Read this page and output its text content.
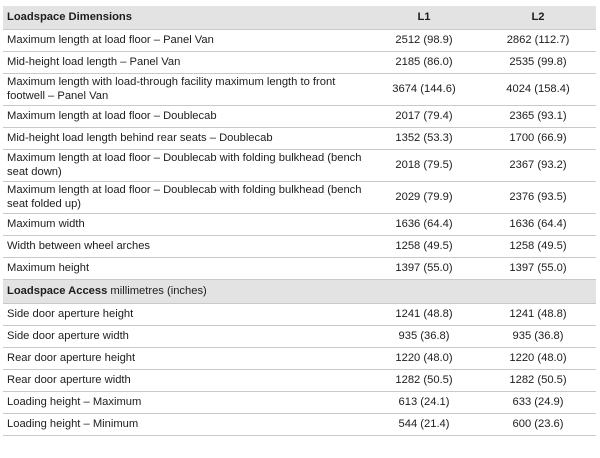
Loadspace Dimensions	L1	L2
Maximum length at load floor – Panel Van	2512 (98.9)	2862 (112.7)
Mid-height load length – Panel Van	2185 (86.0)	2535 (99.8)
Maximum length with load-through facility maximum length to front footwell – Panel Van	3674 (144.6)	4024 (158.4)
Maximum length at load floor – Doublecab	2017 (79.4)	2365 (93.1)
Mid-height load length behind rear seats – Doublecab	1352 (53.3)	1700 (66.9)
Maximum length at load floor – Doublecab with folding bulkhead (bench seat down)	2018 (79.5)	2367 (93.2)
Maximum length at load floor – Doublecab with folding bulkhead (bench seat folded up)	2029 (79.9)	2376 (93.5)
Maximum width	1636 (64.4)	1636 (64.4)
Width between wheel arches	1258 (49.5)	1258 (49.5)
Maximum height	1397 (55.0)	1397 (55.0)
Loadspace Access millimetres (inches)		
Side door aperture height	1241 (48.8)	1241 (48.8)
Side door aperture width	935 (36.8)	935 (36.8)
Rear door aperture height	1220 (48.0)	1220 (48.0)
Rear door aperture width	1282 (50.5)	1282 (50.5)
Loading height – Maximum	613 (24.1)	633 (24.9)
Loading height – Minimum	544 (21.4)	600 (23.6)
